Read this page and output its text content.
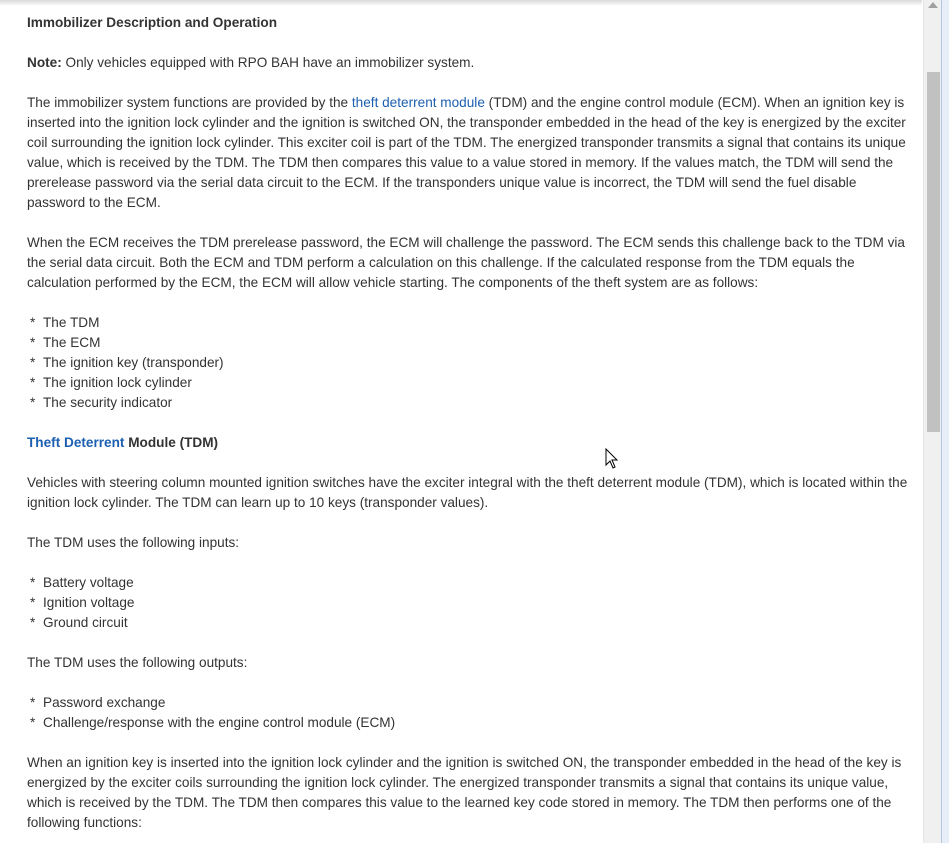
Immobilizer Description and Operation

Note: Only vehicles equipped with RPO BAH have an immobilizer system.

The immobilizer system functions are provided by the theft deterrent module (TDM) and the engine control module (ECM). When an ignition key is inserted into the ignition lock cylinder and the ignition is switched ON, the transponder embedded in the head of the key is energized by the exciter coil surrounding the ignition lock cylinder. This exciter coil is part of the TDM. The energized transponder transmits a signal that contains its unique value, which is received by the TDM. The TDM then compares this value to a value stored in memory. If the values match, the TDM will send the prerelease password via the serial data circuit to the ECM. If the transponders unique value is incorrect, the TDM will send the fuel disable password to the ECM.

When the ECM receives the TDM prerelease password, the ECM will challenge the password. The ECM sends this challenge back to the TDM via the serial data circuit. Both the ECM and TDM perform a calculation on this challenge. If the calculated response from the TDM equals the calculation performed by the ECM, the ECM will allow vehicle starting. The components of the theft system are as follows:

* The TDM
* The ECM
* The ignition key (transponder)
* The ignition lock cylinder
* The security indicator
Theft Deterrent Module (TDM)

Vehicles with steering column mounted ignition switches have the exciter integral with the theft deterrent module (TDM), which is located within the ignition lock cylinder. The TDM can learn up to 10 keys (transponder values).

The TDM uses the following inputs:

* Battery voltage
* Ignition voltage
* Ground circuit

The TDM uses the following outputs:

* Password exchange
* Challenge/response with the engine control module (ECM)

When an ignition key is inserted into the ignition lock cylinder and the ignition is switched ON, the transponder embedded in the head of the key is energized by the exciter coils surrounding the ignition lock cylinder. The energized transponder transmits a signal that contains its unique value, which is received by the TDM. The TDM then compares this value to the learned key code stored in memory. The TDM then performs one of the following functions:
